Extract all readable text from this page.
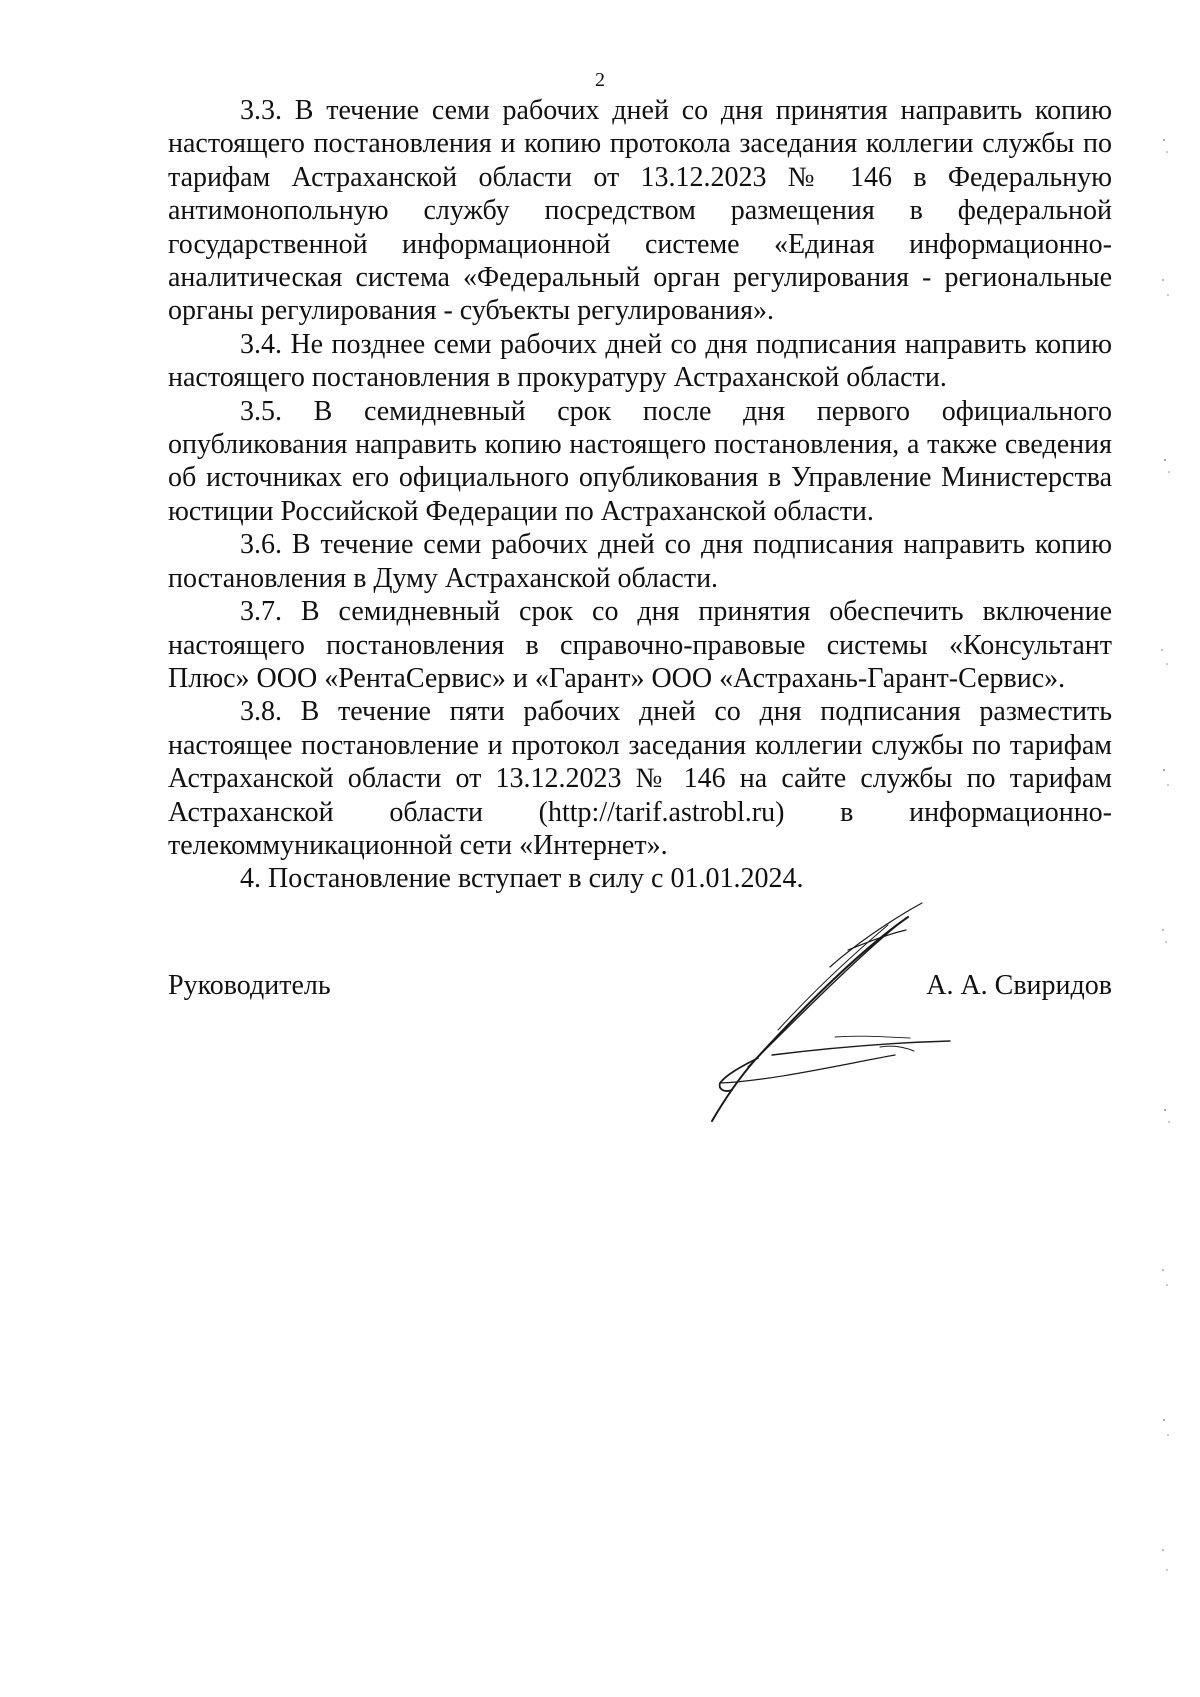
2

3.3. В течение семи рабочих дней со дня принятия направить копию настоящего постановления и копию протокола заседания коллегии службы по тарифам Астраханской области от 13.12.2023 № 146 в Федеральную антимонопольную службу посредством размещения в федеральной государственной информационной системе «Единая информационно-аналитическая система «Федеральный орган регулирования - региональные органы регулирования - субъекты регулирования».

3.4. Не позднее семи рабочих дней со дня подписания направить копию настоящего постановления в прокуратуру Астраханской области.

3.5. В семидневный срок после дня первого официального опубликования направить копию настоящего постановления, а также сведения об источниках его официального опубликования в Управление Министерства юстиции Российской Федерации по Астраханской области.

3.6. В течение семи рабочих дней со дня подписания направить копию постановления в Думу Астраханской области.

3.7. В семидневный срок со дня принятия обеспечить включение настоящего постановления в справочно-правовые системы «Консультант Плюс» ООО «РентаСервис» и «Гарант» ООО «Астрахань-Гарант-Сервис».

3.8. В течение пяти рабочих дней со дня подписания разместить настоящее постановление и протокол заседания коллегии службы по тарифам Астраханской области от 13.12.2023 № 146 на сайте службы по тарифам Астраханской области (http://tarif.astrobl.ru) в информационно-телекоммуникационной сети «Интернет».

4. Постановление вступает в силу с 01.01.2024.

Руководитель	А. А. Свиридов
